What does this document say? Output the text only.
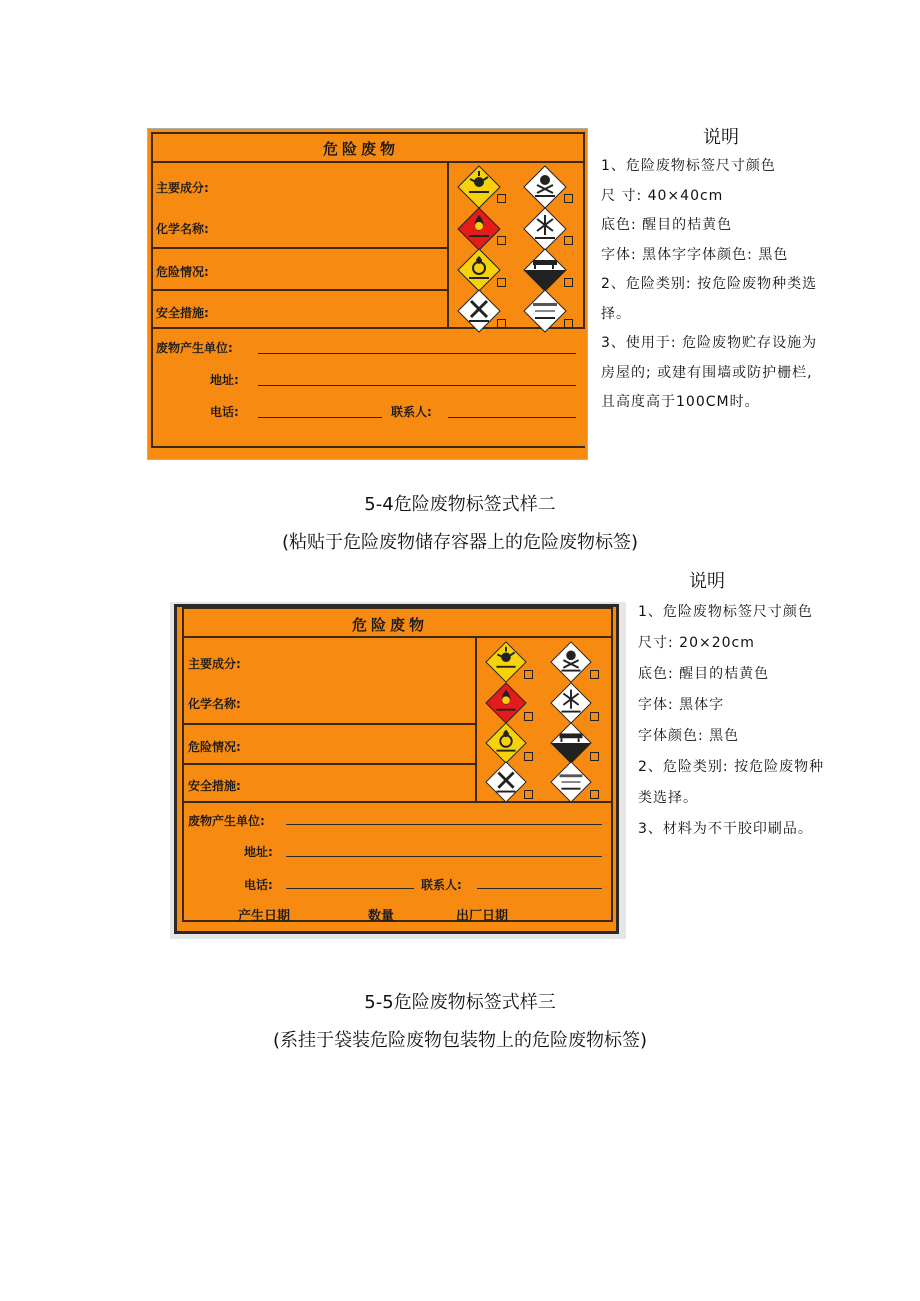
危险废物
主要成分:
化学名称:
危险情况:
安全措施:
废物产生单位:
地址:
电话:	联系人:
说明
1、危险废物标签尺寸颜色
尺 寸: 40×40cm
底色: 醒目的桔黄色
字体: 黑体字字体颜色: 黑色
2、危险类别: 按危险废物种类选
择。
3、使用于: 危险废物贮存设施为
房屋的; 或建有围墙或防护栅栏,
且高度高于100CM时。
5-4危险废物标签式样二
(粘贴于危险废物储存容器上的危险废物标签)
危险废物
主要成分:
化学名称:
危险情况:
安全措施:
废物产生单位:
地址:
电话:	联系人:
产生日期	数量	出厂日期
说明
1、危险废物标签尺寸颜色
尺寸: 20×20cm
底色: 醒目的桔黄色
字体: 黑体字
字体颜色: 黑色
2、危险类别: 按危险废物种
类选择。
3、材料为不干胶印刷品。
5-5危险废物标签式样三
(系挂于袋装危险废物包装物上的危险废物标签)
